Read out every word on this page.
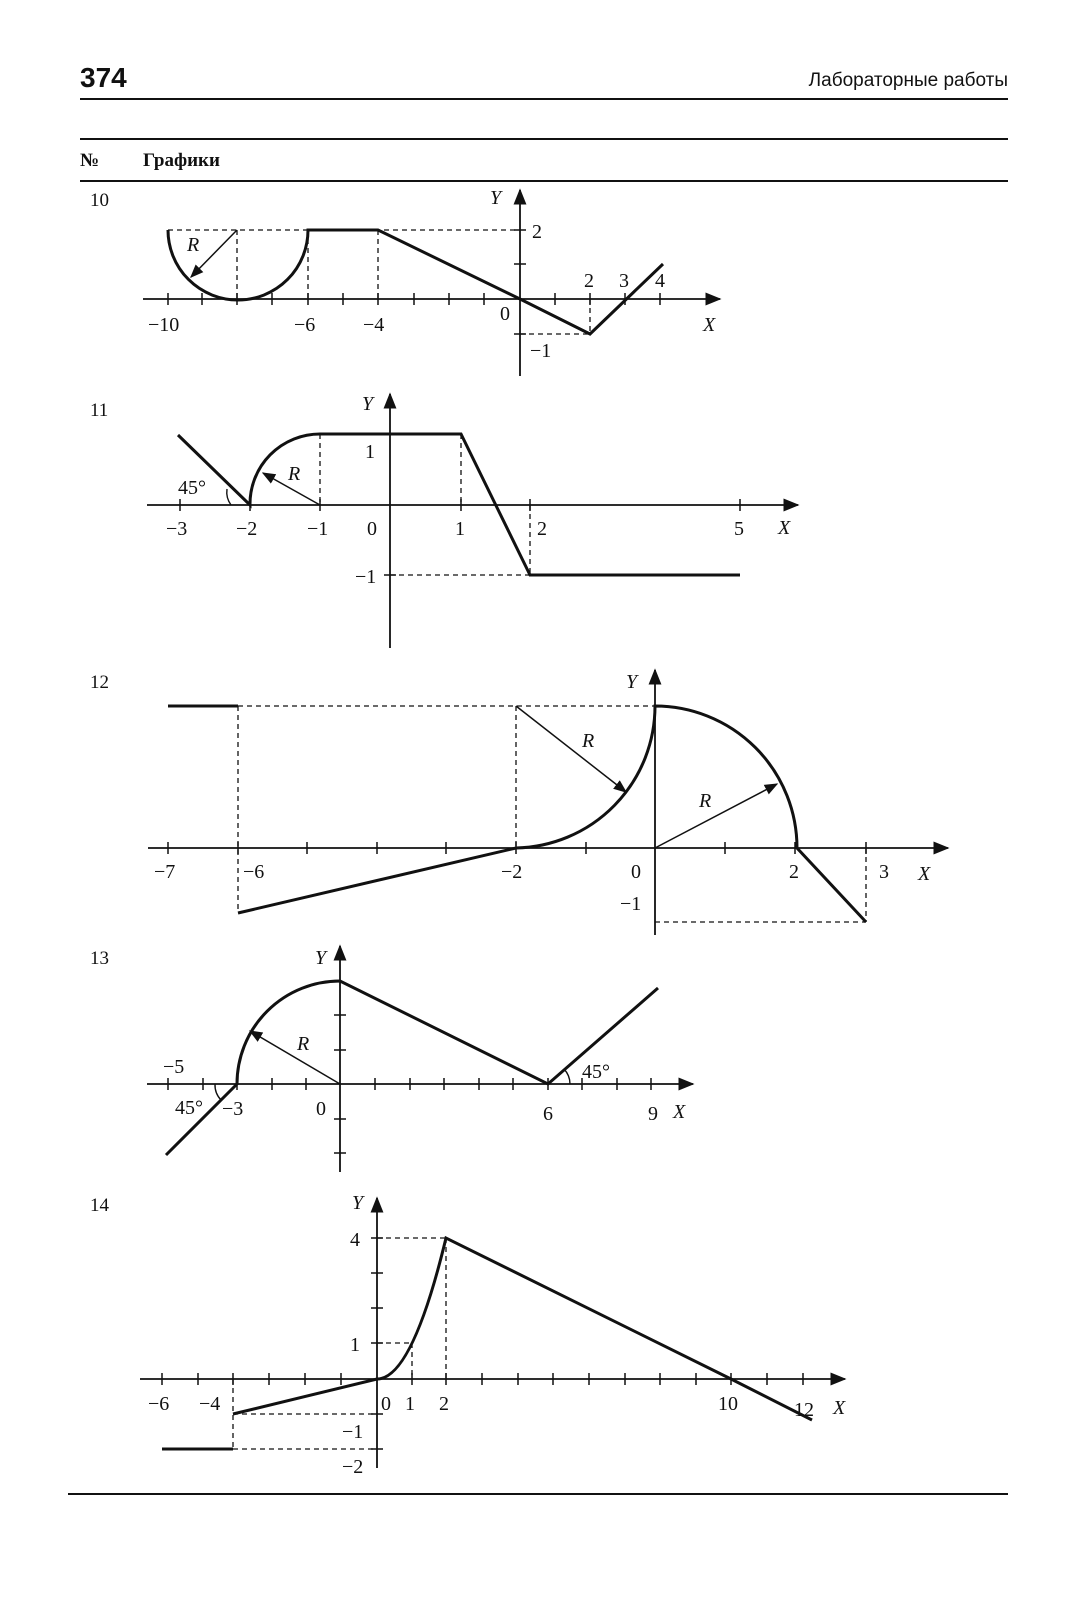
374	Лабораторные работы
№ Графики
10
11
12
13
14
R
Y
X
2
−10	−6 −4	0
2 3 4
−1
R
45°
Y
X
1
−3 −2 −1 0	1	2	5
−1
R
R
Y
X
−7	−6	−2	0	2	3
−1
R
45°
45°
Y
X
−5
−3	0	6	9
Y
X
4
1
−6 −4	0 1 2	10	12
−1
−2
